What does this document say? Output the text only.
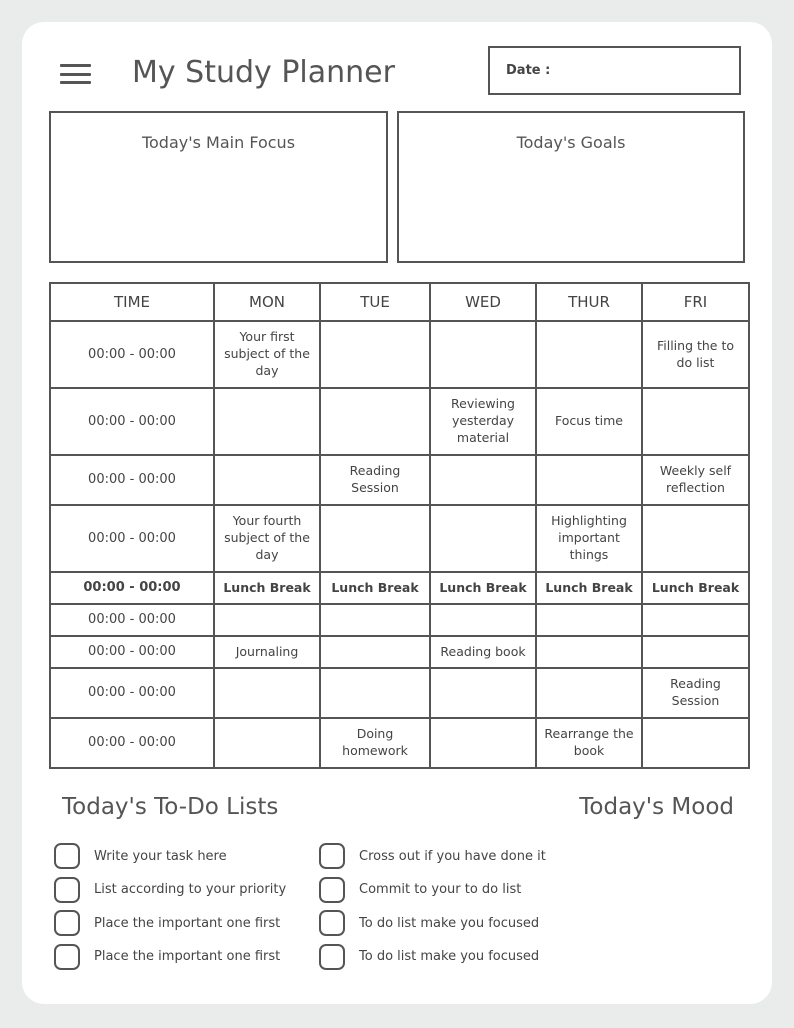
My Study Planner	Date :
Today's Main Focus	Today's Goals
TIME	MON	TUE	WED	THUR	FRI
00:00 - 00:00	Your first subject of the day				Filling the to do list
00:00 - 00:00			Reviewing yesterday material	Focus time	
00:00 - 00:00		Reading Session			Weekly self reflection
00:00 - 00:00	Your fourth subject of the day			Highlighting important things	
00:00 - 00:00	Lunch Break	Lunch Break	Lunch Break	Lunch Break	Lunch Break
00:00 - 00:00					
00:00 - 00:00	Journaling		Reading book		
00:00 - 00:00					Reading Session
00:00 - 00:00		Doing homework		Rearrange the book	
Today's To-Do Lists	Today's Mood
Write your task here
List according to your priority
Place the important one first
Place the important one first
Cross out if you have done it
Commit to your to do list
To do list make you focused
To do list make you focused
